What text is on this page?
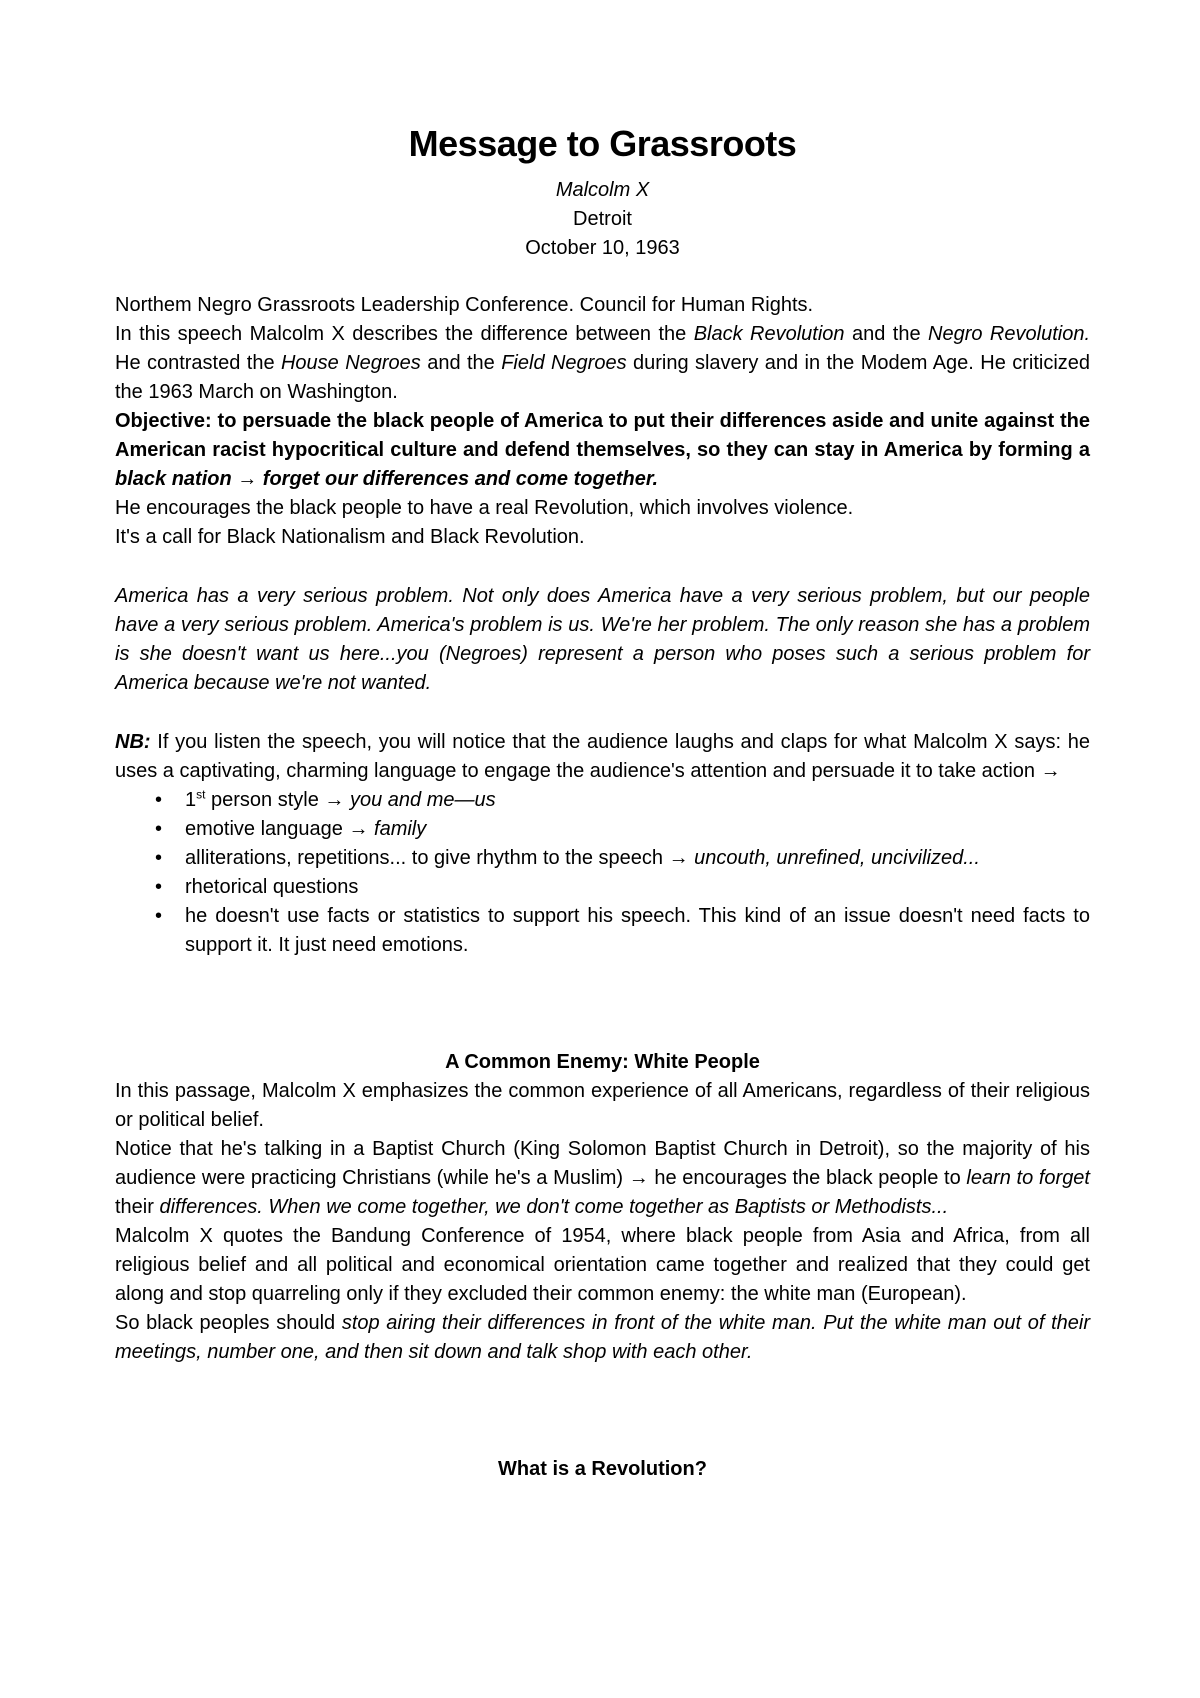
Message to Grassroots
Malcolm X
Detroit
October 10, 1963

Northem Negro Grassroots Leadership Conference. Council for Human Rights.

In this speech Malcolm X describes the difference between the Black Revolution and the Negro Revolution. He contrasted the House Negroes and the Field Negroes during slavery and in the Modem Age. He criticized the 1963 March on Washington.

Objective: to persuade the black people of America to put their differences aside and unite against the American racist hypocritical culture and defend themselves, so they can stay in America by forming a black nation → forget our differences and come together.

He encourages the black people to have a real Revolution, which involves violence.

It's a call for Black Nationalism and Black Revolution.

America has a very serious problem. Not only does America have a very serious problem, but our people have a very serious problem. America's problem is us. We're her problem. The only reason she has a problem is she doesn't want us here...you (Negroes) represent a person who poses such a serious problem for America because we're not wanted.

NB: If you listen the speech, you will notice that the audience laughs and claps for what Malcolm X says: he uses a captivating, charming language to engage the audience's attention and persuade it to take action →

• 1st person style → you and me—us
• emotive language → family
• alliterations, repetitions... to give rhythm to the speech → uncouth, unrefined, uncivilized...
• rhetorical questions
• he doesn't use facts or statistics to support his speech. This kind of an issue doesn't need facts to support it. It just need emotions.
A Common Enemy: White People

In this passage, Malcolm X emphasizes the common experience of all Americans, regardless of their religious or political belief.

Notice that he's talking in a Baptist Church (King Solomon Baptist Church in Detroit), so the majority of his audience were practicing Christians (while he's a Muslim) → he encourages the black people to learn to forget their differences. When we come together, we don't come together as Baptists or Methodists...

Malcolm X quotes the Bandung Conference of 1954, where black people from Asia and Africa, from all religious belief and all political and economical orientation came together and realized that they could get along and stop quarreling only if they excluded their common enemy: the white man (European).

So black peoples should stop airing their differences in front of the white man. Put the white man out of their meetings, number one, and then sit down and talk shop with each other.

What is a Revolution?
